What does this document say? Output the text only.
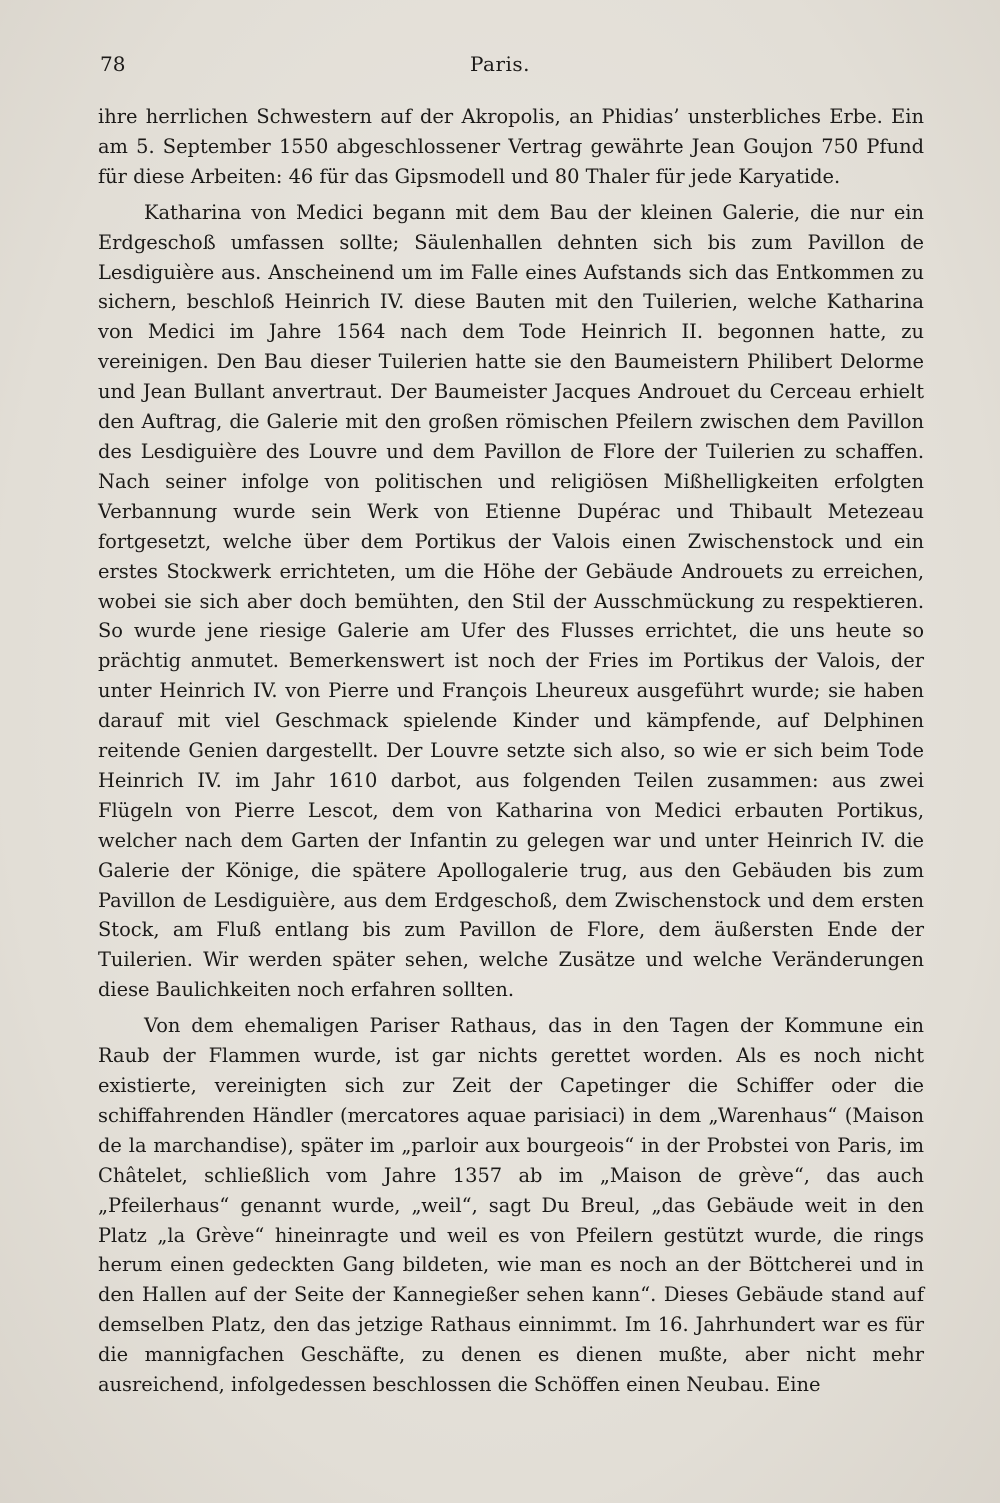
78	Paris.

ihre herrlichen Schwestern auf der Akropolis, an Phidias’ unsterbliches Erbe. Ein am 5. September 1550 abgeschlossener Vertrag gewährte Jean Goujon 750 Pfund für diese Arbeiten: 46 für das Gipsmodell und 80 Thaler für jede Karyatide.

Katharina von Medici begann mit dem Bau der kleinen Galerie, die nur ein Erdgeschoß umfassen sollte; Säulenhallen dehnten sich bis zum Pavillon de Lesdiguière aus. Anscheinend um im Falle eines Aufstands sich das Entkommen zu sichern, beschloß Heinrich IV. diese Bauten mit den Tuilerien, welche Katharina von Medici im Jahre 1564 nach dem Tode Heinrich II. begonnen hatte, zu vereinigen. Den Bau dieser Tuilerien hatte sie den Baumeistern Philibert Delorme und Jean Bullant anvertraut. Der Baumeister Jacques Androuet du Cerceau erhielt den Auftrag, die Galerie mit den großen römischen Pfeilern zwischen dem Pavillon des Lesdiguière des Louvre und dem Pavillon de Flore der Tuilerien zu schaffen. Nach seiner infolge von politischen und religiösen Mißhelligkeiten erfolgten Verbannung wurde sein Werk von Etienne Dupérac und Thibault Metezeau fortgesetzt, welche über dem Portikus der Valois einen Zwischenstock und ein erstes Stockwerk errichteten, um die Höhe der Gebäude Androuets zu erreichen, wobei sie sich aber doch bemühten, den Stil der Ausschmückung zu respektieren. So wurde jene riesige Galerie am Ufer des Flusses errichtet, die uns heute so prächtig anmutet. Bemerkenswert ist noch der Fries im Portikus der Valois, der unter Heinrich IV. von Pierre und François Lheureux ausgeführt wurde; sie haben darauf mit viel Geschmack spielende Kinder und kämpfende, auf Delphinen reitende Genien dargestellt. Der Louvre setzte sich also, so wie er sich beim Tode Heinrich IV. im Jahr 1610 darbot, aus folgenden Teilen zusammen: aus zwei Flügeln von Pierre Lescot, dem von Katharina von Medici erbauten Portikus, welcher nach dem Garten der Infantin zu gelegen war und unter Heinrich IV. die Galerie der Könige, die spätere Apollogalerie trug, aus den Gebäuden bis zum Pavillon de Lesdiguière, aus dem Erdgeschoß, dem Zwischenstock und dem ersten Stock, am Fluß entlang bis zum Pavillon de Flore, dem äußersten Ende der Tuilerien. Wir werden später sehen, welche Zusätze und welche Veränderungen diese Baulichkeiten noch erfahren sollten.

Von dem ehemaligen Pariser Rathaus, das in den Tagen der Kommune ein Raub der Flammen wurde, ist gar nichts gerettet worden. Als es noch nicht existierte, vereinigten sich zur Zeit der Capetinger die Schiffer oder die schiffahrenden Händler (mercatores aquae parisiaci) in dem „Warenhaus“ (Maison de la marchandise), später im „parloir aux bourgeois“ in der Probstei von Paris, im Châtelet, schließlich vom Jahre 1357 ab im „Maison de grève“, das auch „Pfeilerhaus“ genannt wurde, „weil“, sagt Du Breul, „das Gebäude weit in den Platz „la Grève“ hineinragte und weil es von Pfeilern gestützt wurde, die rings herum einen gedeckten Gang bildeten, wie man es noch an der Böttcherei und in den Hallen auf der Seite der Kannegießer sehen kann“. Dieses Gebäude stand auf demselben Platz, den das jetzige Rathaus einnimmt. Im 16. Jahrhundert war es für die mannigfachen Geschäfte, zu denen es dienen mußte, aber nicht mehr ausreichend, infolgedessen beschlossen die Schöffen einen Neubau. Eine
